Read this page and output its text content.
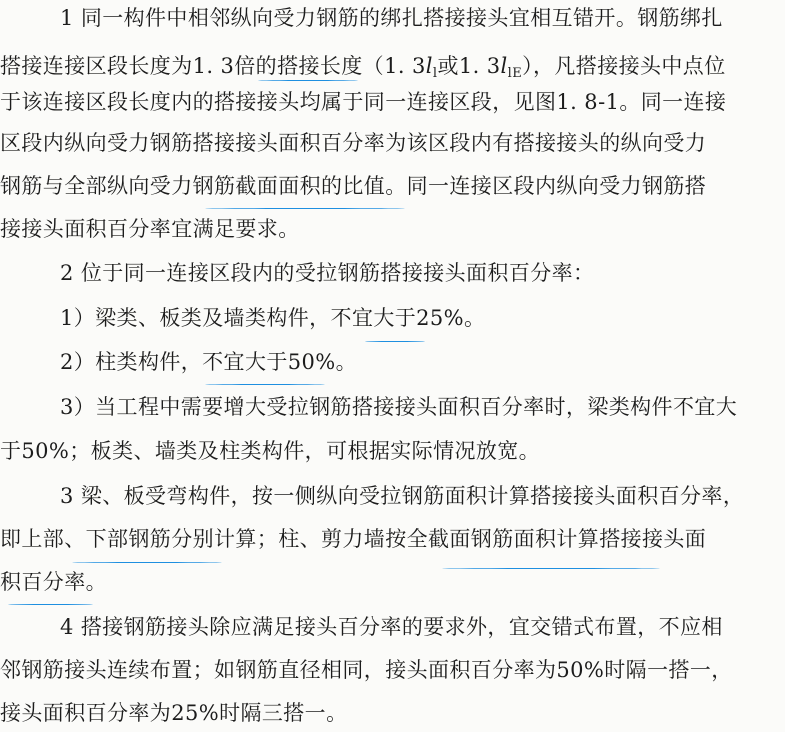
1 同一构件中相邻纵向受力钢筋的绑扎搭接接头宜相互错开。钢筋绑扎

搭接连接区段长度为1. 3倍的搭接长度（1. $3l_l$或1. $3l_{lE}$），凡搭接接头中点位

于该连接区段长度内的搭接接头均属于同一连接区段，见图1. 8-1。同一连接

区段内纵向受力钢筋搭接接头面积百分率为该区段内有搭接接头的纵向受力

钢筋与全部纵向受力钢筋截面面积的比值。同一连接区段内纵向受力钢筋搭

接接头面积百分率宜满足要求。

2 位于同一连接区段内的受拉钢筋搭接接头面积百分率：

1）梁类、板类及墙类构件，不宜大于25%。

2）柱类构件，不宜大于50%。

3）当工程中需要增大受拉钢筋搭接接头面积百分率时，梁类构件不宜大

于50%；板类、墙类及柱类构件，可根据实际情况放宽。

3 梁、板受弯构件，按一侧纵向受拉钢筋面积计算搭接接头面积百分率，

即上部、下部钢筋分别计算；柱、剪力墙按全截面钢筋面积计算搭接接头面

积百分率。

4 搭接钢筋接头除应满足接头百分率的要求外，宜交错式布置，不应相

邻钢筋接头连续布置；如钢筋直径相同，接头面积百分率为50%时隔一搭一，

接头面积百分率为25%时隔三搭一。
